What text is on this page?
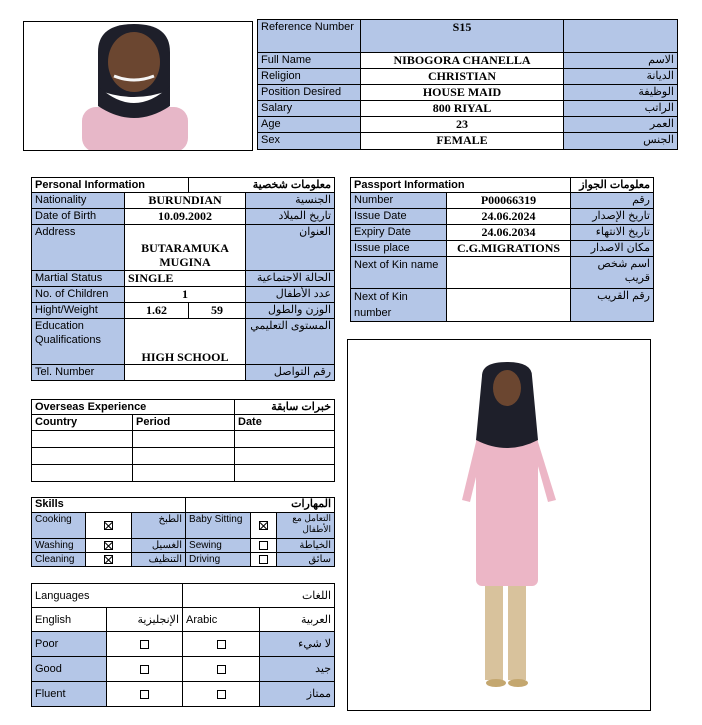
Reference Number	S15	
Full Name	NIBOGORA CHANELLA	الاسم
Religion	CHRISTIAN	الديانة
Position Desired	HOUSE MAID	الوظيفة
Salary	800 RIYAL	الراتب
Age	23	العمر
Sex	FEMALE	الجنس
Personal Information		معلومات شخصية	
Nationality	BURUNDIAN		الجنسية
Date of Birth	10.09.2002		تاريخ الميلاد
Address	BUTARAMUKA
MUGINA		العنوان
Martial Status	SINGLE		الحالة الاجتماعية
No. of Children	1		عدد الأطفال
Hight/Weight	1.62	59	الوزن والطول
Education Qualifications	HIGH SCHOOL		المستوى التعليمي
Tel. Number			رقم التواصل
Passport Information		معلومات الجواز
Number	P00066319	رقم
Issue Date	24.06.2024	تاريخ الإصدار
Expiry Date	24.06.2034	تاريخ الانتهاء
Issue place	C.G.MIGRATIONS	مكان الاصدار
Next of Kin name		اسم شخص قريب
Next of Kin number		رقم القريب
Overseas Experience		خبرات سابقة
Country	Period	Date

Skills			المهارات		
Cooking		الطبخ	Baby Sitting		التعامل مع الأطفال
Washing		الغسيل	Sewing		الخياطة
Cleaning		التنظيف	Driving		سائق
Languages		اللغات	
English	الإنجليزية	Arabic	العربية
Poor			لا شيء
Good			جيد
Fluent			ممتاز
